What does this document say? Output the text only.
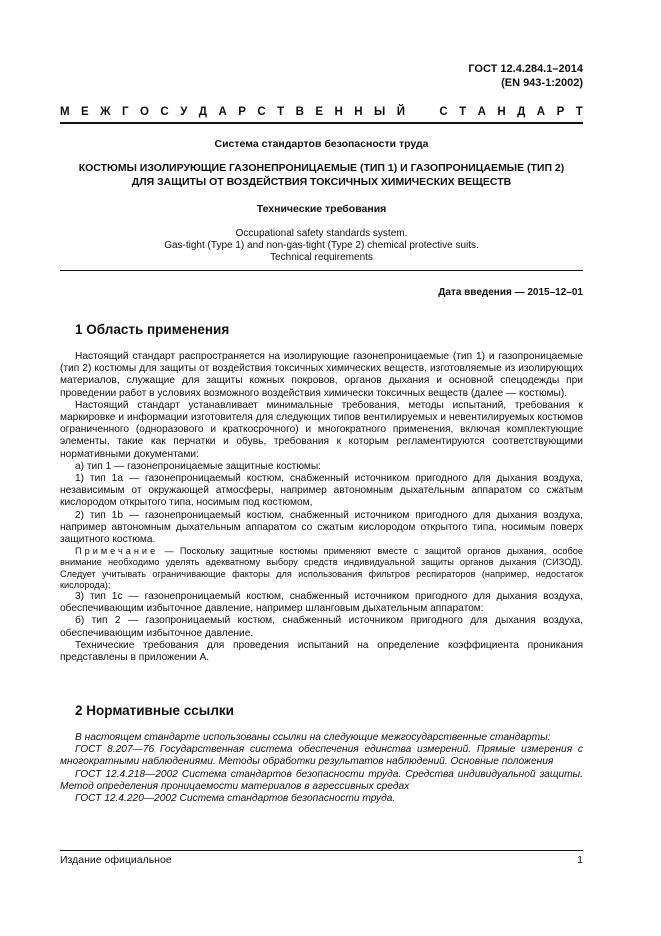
ГОСТ 12.4.284.1–2014
(EN 943-1:2002)
М Е Ж Г О С У Д А Р С Т В Е Н Н Ы Й	С Т А Н Д А Р Т
Система стандартов безопасности труда
КОСТЮМЫ ИЗОЛИРУЮЩИЕ ГАЗОНЕПРОНИЦАЕМЫЕ (ТИП 1) И ГАЗОПРОНИЦАЕМЫЕ (ТИП 2)
ДЛЯ ЗАЩИТЫ ОТ ВОЗДЕЙСТВИЯ ТОКСИЧНЫХ ХИМИЧЕСКИХ ВЕЩЕСТВ
Технические требования
Occupational safety standards system.
Gas-tight (Type 1) and non-gas-tight (Type 2) chemical protective suits.
Technical requirements
Дата введения — 2015–12–01
1 Область применения

Настоящий стандарт распространяется на изолирующие газонепроницаемые (тип 1) и газопроницаемые (тип 2) костюмы для защиты от воздействия токсичных химических веществ, изготовляемые из изолирующих материалов, служащие для защиты кожных покровов, органов дыхания и основной спецодежды при проведении работ в условиях возможного воздействия химически токсичных веществ (далее — костюмы).

Настоящий стандарт устанавливает минимальные требования, методы испытаний, требования к маркировке и информации изготовителя для следующих типов вентилируемых и невентилируемых костюмов ограниченного (одноразового и краткосрочного) и многократного применения, включая комплектующие элементы, такие как перчатки и обувь, требования к которым регламентируются соответствующими нормативными документами:

а) тип 1 — газонепроницаемые защитные костюмы:

1) тип 1а — газонепроницаемый костюм, снабженный источником пригодного для дыхания воздуха, независимым от окружающей атмосферы, например автономным дыхательным аппаратом со сжатым кислородом открытого типа, носимым под костюмом,

2) тип 1b — газонепроницаемый костюм, снабженный источником пригодного для дыхания воздуха, например автономным дыхательным аппаратом со сжатым кислородом открытого типа, носимым поверх защитного костюма.

Примечание — Поскольку защитные костюмы применяют вместе с защитой органов дыхания, особое внимание необходимо уделять адекватному выбору средств индивидуальной защиты органов дыхания (СИЗОД). Следует учитывать ограничивающие факторы для использования фильтров респираторов (например, недостаток кислорода);

3) тип 1с — газонепроницаемый костюм, снабженный источником пригодного для дыхания воздуха, обеспечивающим избыточное давление, например шланговым дыхательным аппаратом:

б) тип 2 — газопроницаемый костюм, снабженный источником пригодного для дыхания воздуха, обеспечивающим избыточное давление.

Технические требования для проведения испытаний на определение коэффициента проникания представлены в приложении А.

2 Нормативные ссылки

В настоящем стандарте использованы ссылки на следующие межгосударственные стандарты:

ГОСТ 8.207—76 Государственная система обеспечения единства измерений. Прямые измерения с многократными наблюдениями. Методы обработки результатов наблюдений. Основные положения

ГОСТ 12.4.218—2002 Система стандартов безопасности труда. Средства индивидуальной защиты. Метод определения проницаемости материалов в агрессивных средах

ГОСТ 12.4.220—2002 Система стандартов безопасности труда.

Издание официальное	1
